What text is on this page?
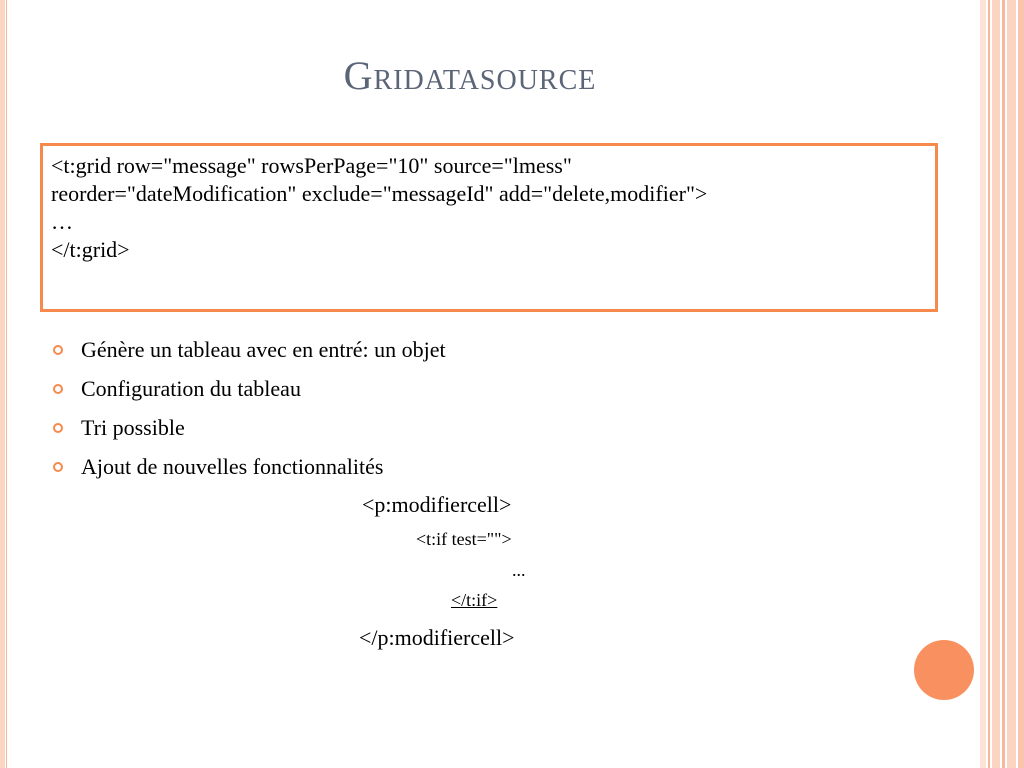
Gridatasource
<t:grid row="message" rowsPerPage="10" source="lmess"
reorder="dateModification" exclude="messageId" add="delete,modifier">
…
</t:grid>
Génère un tableau avec en entré: un objet
Configuration du tableau
Tri possible
Ajout de nouvelles fonctionnalités
<p:modifiercell>
<t:if test="">
...
</t:if>
</p:modifiercell>
